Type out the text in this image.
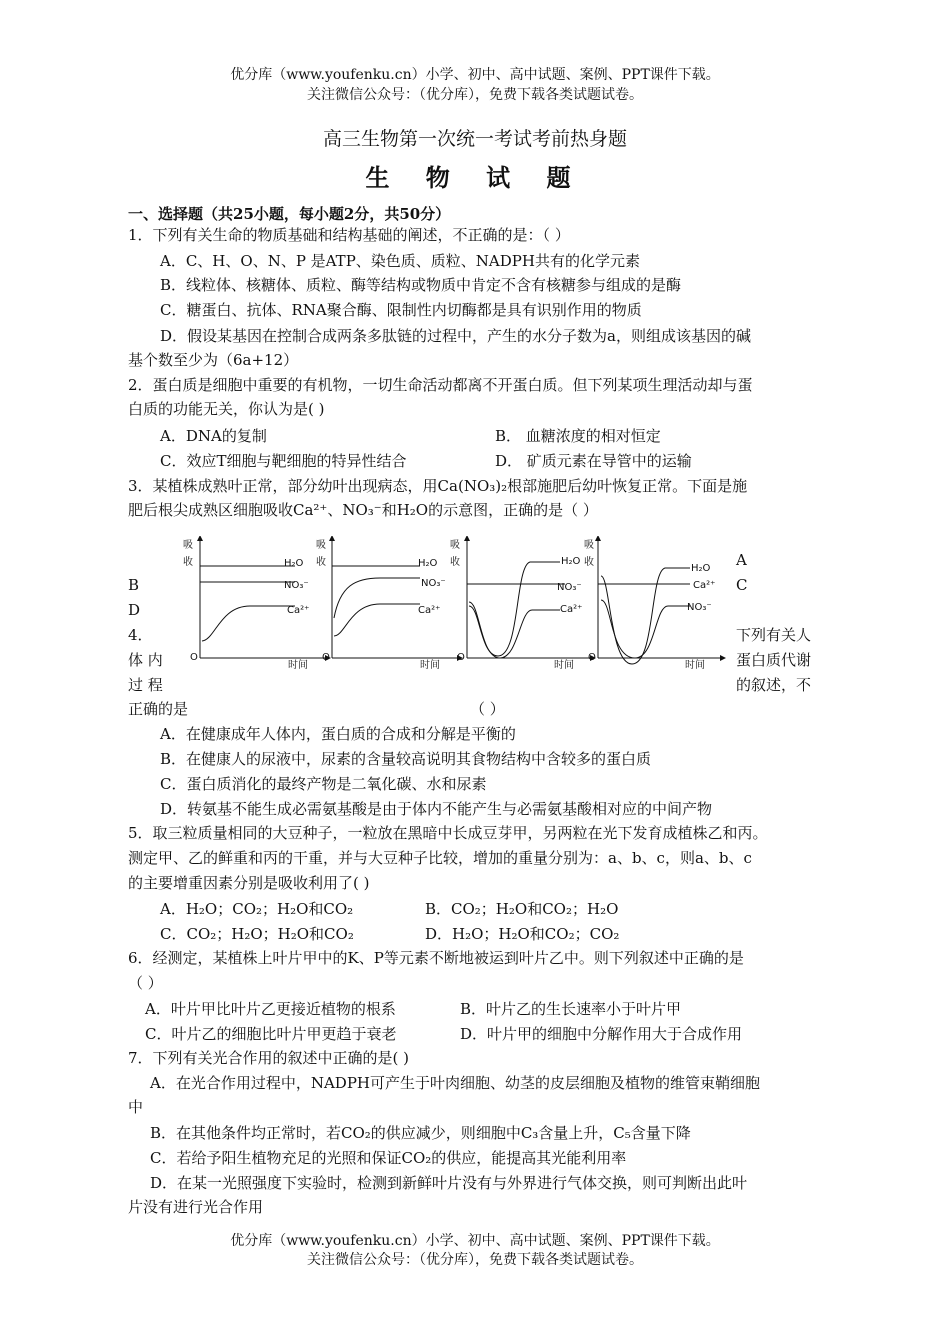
优分库（www.youfenku.cn）小学、初中、高中试题、案例、PPT课件下载。
关注微信公众号：（优分库），免费下载各类试题试卷。
高三生物第一次统一考试考前热身题
生 物 试 题
一、选择题（共25小题，每小题2分，共50分）
1．下列有关生命的物质基础和结构基础的阐述，不正确的是：（ ）
A．C、H、O、N、P 是ATP、染色质、质粒、NADPH共有的化学元素
B．线粒体、核糖体、质粒、酶等结构或物质中肯定不含有核糖参与组成的是酶
C．糖蛋白、抗体、RNA聚合酶、限制性内切酶都是具有识别作用的物质
D．假设某基因在控制合成两条多肽链的过程中，产生的水分子数为a，则组成该基因的碱
基个数至少为（6a+12）
2．蛋白质是细胞中重要的有机物，一切生命活动都离不开蛋白质。但下列某项生理活动却与蛋
白质的功能无关，你认为是( )
A．DNA的复制	B． 血糖浓度的相对恒定
C．效应T细胞与靶细胞的特异性结合	D． 矿质元素在导管中的运输
3．某植株成熟叶正常，部分幼叶出现病态，用Ca(NO₃)₂根部施肥后幼叶恢复正常。下面是施
肥后根尖成熟区细胞吸收Ca²⁺、NO₃⁻和H₂O的示意图，正确的是（ ）
B
D
A
C
吸
收
O
时间
H₂O
NO₃⁻
Ca²⁺
吸
收
O
时间
H₂O
NO₃⁻
Ca²⁺
吸
收
O
时间
H₂O
NO₃⁻
Ca²⁺
吸
收
O
时间
H₂O
Ca²⁺
NO₃⁻
4．
体 内
过 程
下列有关人
蛋白质代谢
的叙述，不
正确的是	（ ）
A．在健康成年人体内，蛋白质的合成和分解是平衡的
B．在健康人的尿液中，尿素的含量较高说明其食物结构中含较多的蛋白质
C．蛋白质消化的最终产物是二氧化碳、水和尿素
D．转氨基不能生成必需氨基酸是由于体内不能产生与必需氨基酸相对应的中间产物
5．取三粒质量相同的大豆种子，一粒放在黑暗中长成豆芽甲，另两粒在光下发育成植株乙和丙。
测定甲、乙的鲜重和丙的干重，并与大豆种子比较，增加的重量分别为：a、b、c，则a、b、c
的主要增重因素分别是吸收利用了( )
A．H₂O；CO₂；H₂O和CO₂	B．CO₂；H₂O和CO₂；H₂O
C．CO₂；H₂O；H₂O和CO₂	D．H₂O；H₂O和CO₂；CO₂
6．经测定，某植株上叶片甲中的K、P等元素不断地被运到叶片乙中。则下列叙述中正确的是
（ ）
A．叶片甲比叶片乙更接近植物的根系	B．叶片乙的生长速率小于叶片甲
C．叶片乙的细胞比叶片甲更趋于衰老	D．叶片甲的细胞中分解作用大于合成作用
7．下列有关光合作用的叙述中正确的是( )
A．在光合作用过程中，NADPH可产生于叶肉细胞、幼茎的皮层细胞及植物的维管束鞘细胞
中
B．在其他条件均正常时，若CO₂的供应减少，则细胞中C₃含量上升，C₅含量下降
C．若给予阳生植物充足的光照和保证CO₂的供应，能提高其光能利用率
D．在某一光照强度下实验时，检测到新鲜叶片没有与外界进行气体交换，则可判断出此叶
片没有进行光合作用
优分库（www.youfenku.cn）小学、初中、高中试题、案例、PPT课件下载。
关注微信公众号：（优分库），免费下载各类试题试卷。
